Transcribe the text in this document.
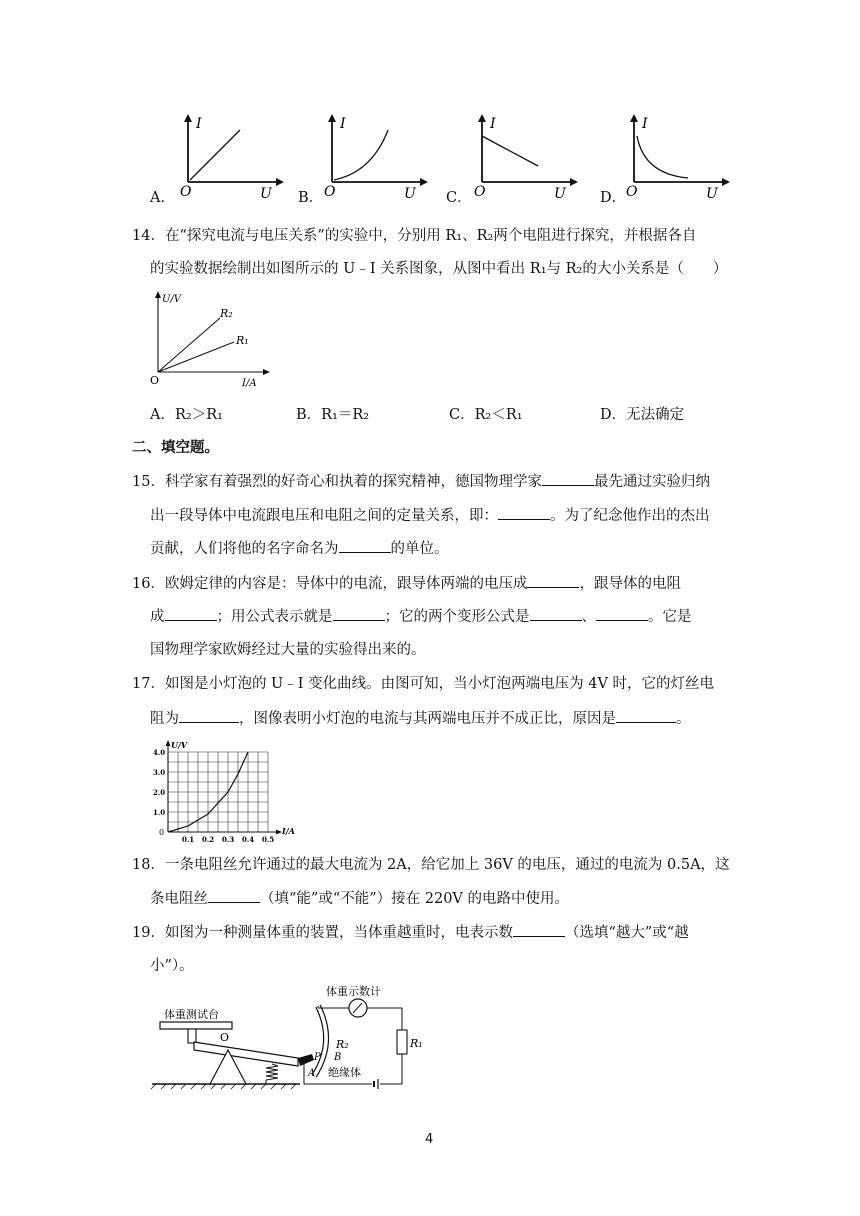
A．
I
O	U B．
I
O	U C．
I
O	U D．
I
O	U
14．在“探究电流与电压关系”的实验中，分别用 R₁、R₂两个电阻进行探究，并根据各自
的实验数据绘制出如图所示的 U﹣I 关系图象，从图中看出 R₁与 R₂的大小关系是（　　）
U/V
I/A
O
R₂
R₁
A．R₂＞R₁	B．R₁＝R₂	C．R₂＜R₁	D．无法确定
二、填空题。
15．科学家有着强烈的好奇心和执着的探究精神，德国物理学家	最先通过实验归纳
出一段导体中电流跟电压和电阻之间的定量关系，即：	。为了纪念他作出的杰出
贡献，人们将他的名字命名为	的单位。
16．欧姆定律的内容是：导体中的电流，跟导体两端的电压成	，跟导体的电阻
成	；用公式表示就是	；它的两个变形公式是	、	。它是
国物理学家欧姆经过大量的实验得出来的。
17．如图是小灯泡的 U﹣I 变化曲线。由图可知，当小灯泡两端电压为 4V 时，它的灯丝电
阻为	，图像表明小灯泡的电流与其两端电压并不成正比，原因是	。
4.0
3.0
2.0
1.0
0.1 0.2 0.3 0.4 0.5
U/V
I/A
0
18．一条电阻丝允许通过的最大电流为 2A，给它加上 36V 的电压，通过的电流为 0.5A，这
条电阻丝	（填“能”或“不能”）接在 220V 的电路中使用。
19．如图为一种测量体重的装置，当体重越重时，电表示数	（选填“越大”或“越
小”）。
体重测试台
O
R₂
体重示数计
R₁
P B
A 绝缘体
4
